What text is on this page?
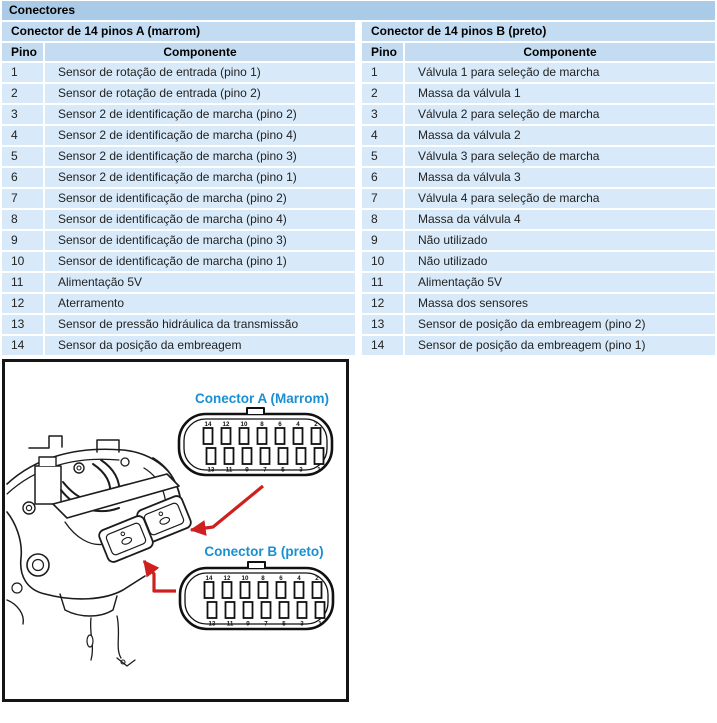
Conectores
Conector de 14 pinos A (marrom)
Pino	Componente
1	Sensor de rotação de entrada (pino 1)
2	Sensor de rotação de entrada (pino 2)
3	Sensor 2 de identificação de marcha (pino 2)
4	Sensor 2 de identificação de marcha (pino 4)
5	Sensor 2 de identificação de marcha (pino 3)
6	Sensor 2 de identificação de marcha (pino 1)
7	Sensor de identificação de marcha (pino 2)
8	Sensor de identificação de marcha (pino 4)
9	Sensor de identificação de marcha (pino 3)
10	Sensor de identificação de marcha (pino 1)
11	Alimentação 5V
12	Aterramento
13	Sensor de pressão hidráulica da transmissão
14	Sensor da posição da embreagem
Conector de 14 pinos B (preto)
Pino	Componente
1	Válvula 1 para seleção de marcha
2	Massa da válvula 1
3	Válvula 2 para seleção de marcha
4	Massa da válvula 2
5	Válvula 3 para seleção de marcha
6	Massa da válvula 3
7	Válvula 4 para seleção de marcha
8	Massa da válvula 4
9	Não utilizado
10	Não utilizado
11	Alimentação 5V
12	Massa dos sensores
13	Sensor de posição da embreagem (pino 2)
14	Sensor de posição da embreagem (pino 1)
Conector A (Marrom)
14 12 10 8 6 4 2
13 11 9 7 5 3 1
Conector B (preto)
14 12 10 8 6 4 2
13 11 9 7 5 3 1
